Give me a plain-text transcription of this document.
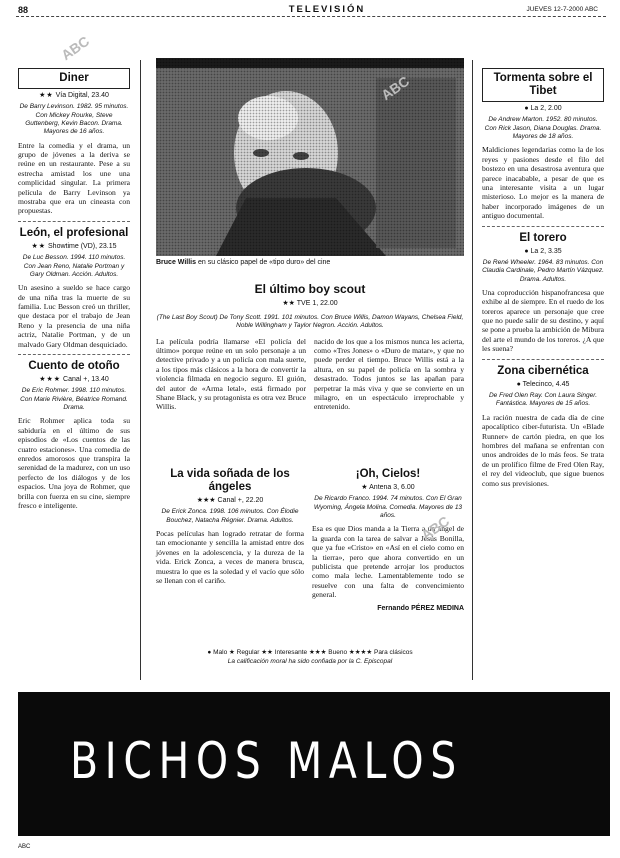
88	TELEVISIÓN	JUEVES 12-7-2000 ABC
Diner
★★ Vía Digital, 23.40
De Barry Levinson. 1982. 95 minutos. Con Mickey Rourke, Steve Guttenberg, Kevin Bacon. Drama. Mayores de 16 años.

Entre la comedia y el drama, un grupo de jóvenes a la deriva se reúne en un restaurante. Pese a su estrecha amistad los une una complicidad singular. La primera película de Barry Levinson ya mostraba que era un cineasta con propuestas.

León, el profesional
★★ Showtime (VD), 23.15
De Luc Besson. 1994. 110 minutos. Con Jean Reno, Natalie Portman y Gary Oldman. Acción. Adultos.

Un asesino a sueldo se hace cargo de una niña tras la muerte de su familia. Luc Besson creó un thriller, que destaca por el trabajo de Jean Reno y la presencia de una niña actriz, Natalie Portman, y de un malvado Gary Oldman desquiciado.

Cuento de otoño
★★★ Canal +, 13.40
De Eric Rohmer. 1998. 110 minutos. Con Marie Rivière, Béatrice Romand. Drama.

Eric Rohmer aplica toda su sabiduría en el último de sus episodios de «Los cuentos de las cuatro estaciones». Una comedia de enredos amorosos que transpira la serenidad de la madurez, con un uso perfecto de los diálogos y de los espacios. Una joya de Rohmer, que brilla con fuerza en su cine, siempre fresco e inteligente.

Bruce Willis en su clásico papel de «tipo duro» del cine
El último boy scout
★★ TVE 1, 22.00
(The Last Boy Scout) De Tony Scott. 1991. 101 minutos. Con Bruce Willis, Damon Wayans, Chelsea Field, Noble Willingham y Taylor Negron. Acción. Adultos.

La película podría llamarse «El policía del último» porque reúne en un solo personaje a un detective privado y a un policía con mala suerte, a los tipos más clásicos a la hora de convertir la violencia filmada en negocio seguro. El guión, del autor de «Arma letal», está firmado por Shane Black, y su protagonista es otra vez Bruce Willis.

nacido de los que a los mismos nunca les acierta, como «Tres Jones» o «Duro de matar», y que no puede perder el tiempo. Bruce Willis está a la altura, en su papel de policía en la sombra y desastrado. Todos juntos se las apañan para perpetrar la más viva y que se convierte en un milagro, en un espectáculo irreprochable y entretenido.

La vida soñada de los ángeles
★★★ Canal +, 22.20
De Erick Zonca. 1998. 106 minutos. Con Élodie Bouchez, Natacha Régnier. Drama. Adultos.

Pocas películas han logrado retratar de forma tan emocionante y sencilla la amistad entre dos jóvenes en la adolescencia, y la dureza de la vida. Erick Zonca, a veces de manera brusca, muestra lo que es la soledad y el vacío que sólo se llenan con el cariño.

¡Oh, Cielos!
★ Antena 3, 6.00
De Ricardo Franco. 1994. 74 minutos. Con El Gran Wyoming, Ángela Molina. Comedia. Mayores de 13 años.

Esa es que Dios manda a la Tierra a un ángel de la guarda con la tarea de salvar a Jesús Bonilla, que ya fue «Cristo» en «Así en el cielo como en la tierra», pero que ahora convertido en un publicista que pretende arrojar los productos como mala leche. Lamentablemente todo se resuelve con una falta de convencimiento general.

Fernando PÉREZ MEDINA

● Malo ★ Regular ★★ Interesante ★★★ Bueno ★★★★ Para clásicos
La calificación moral ha sido confiada por la C. Episcopal
Tormenta sobre el Tibet
● La 2, 2.00
De Andrew Marton. 1952. 80 minutos. Con Rick Jason, Diana Douglas. Drama. Mayores de 18 años.

Maldiciones legendarias como la de los reyes y pasiones desde el filo del bostezo en una desastrosa aventura que parece inacabable, a pesar de que es una interesante visita a un lugar misterioso. Lo mejor es la manera de haber incorporado imágenes de un antiguo documental.

El torero
● La 2, 3.35
De René Wheeler. 1964. 83 minutos. Con Claudia Cardinale, Pedro Martín Vázquez. Drama. Adultos.

Una coproducción hispanofrancesa que exhibe al de siempre. En el ruedo de los toreros aparece un personaje que cree que no puede salir de su destino, y aquí se pone a prueba la ambición de Mibura del arte el mundo de los toreros. ¿A que les suena?

Zona cibernética
● Telecinco, 4.45
De Fred Olen Ray. Con Laura Singer. Fantástica. Mayores de 15 años.

La ración nuestra de cada día de cine apocalíptico ciber-futurista. Un «Blade Runner» de cartón piedra, en que los hombres del mañana se enfrentan con unos androides de lo más feos. Se trata de un prolífico filme de Fred Olen Ray, el rey del videoclub, que sigue buenos como sus previsiones.

ABC
ABC
ABC
BICHOS MALOS
ABC
